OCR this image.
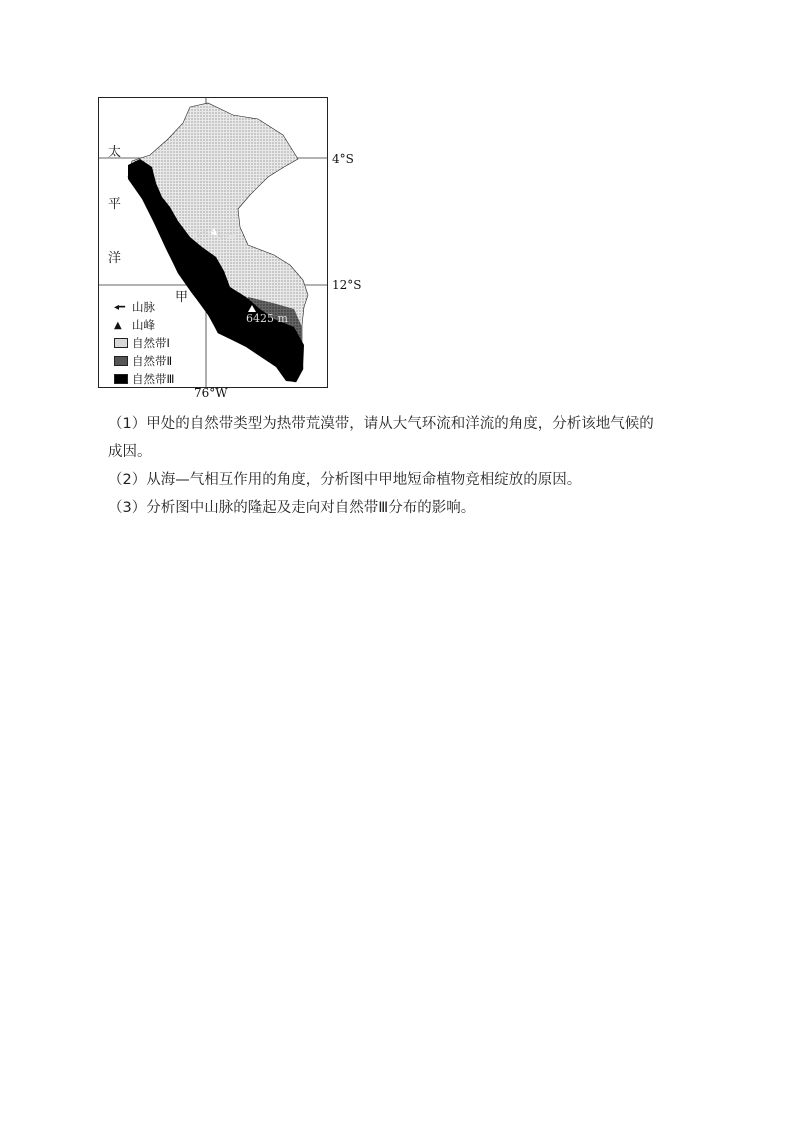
太
平
洋
4°S
12°S
76°W
甲
6768 m
6425 m
◂━ 山脉
▲ 山峰
自然带Ⅰ
自然带Ⅱ
自然带Ⅲ

（1）甲处的自然带类型为热带荒漠带，请从大气环流和洋流的角度，分析该地气候的

成因。

（2）从海—气相互作用的角度，分析图中甲地短命植物竞相绽放的原因。

（3）分析图中山脉的隆起及走向对自然带Ⅲ分布的影响。
